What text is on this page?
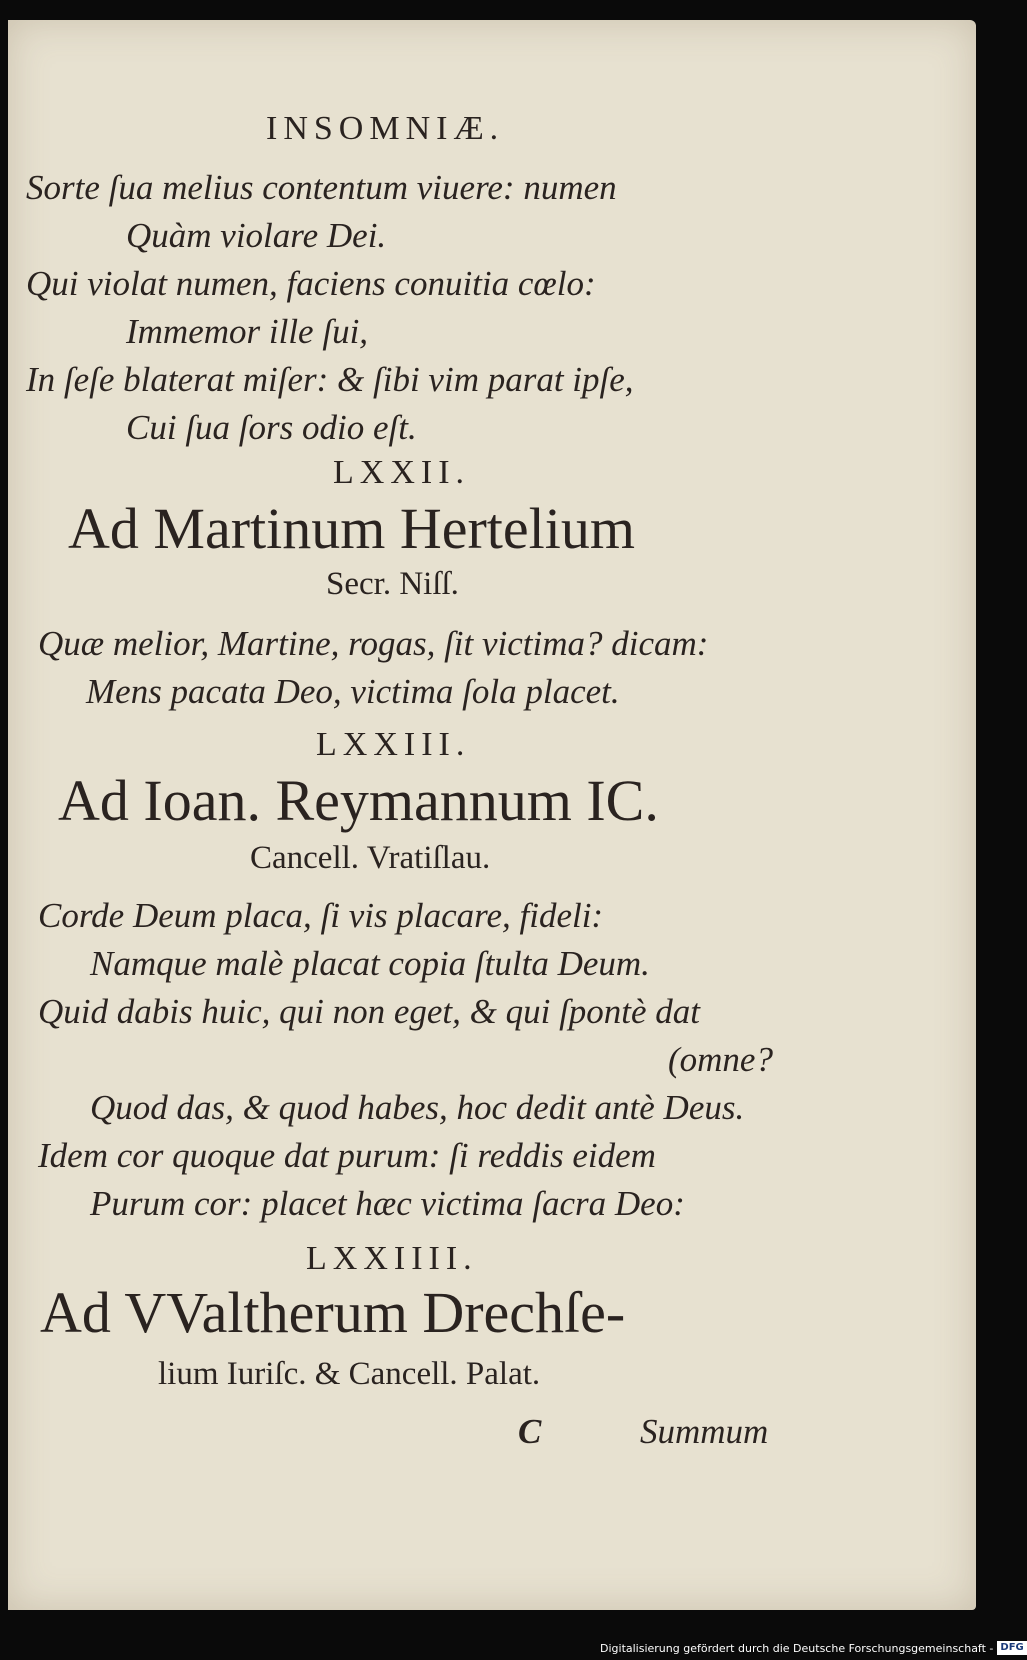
INSOMNIÆ.
Sorte ſua melius contentum viuere: numen
Quàm violare Dei.
Qui violat numen, faciens conuitia cœlo:
Immemor ille ſui,
In ſeſe blaterat miſer: & ſibi vim parat ipſe,
Cui ſua ſors odio eſt.
LXXII.
Ad Martinum Hertelium
Secr. Niſſ.
Quæ melior, Martine, rogas, ſit victima? dicam:
Mens pacata Deo, victima ſola placet.
LXXIII.
Ad Ioan. Reymannum IC.
Cancell. Vratiſlau.
Corde Deum placa, ſi vis placare, fideli:
Namque malè placat copia ſtulta Deum.
Quid dabis huic, qui non eget, & qui ſpontè dat
(omne?
Quod das, & quod habes, hoc dedit antè Deus.
Idem cor quoque dat purum: ſi reddis eidem
Purum cor: placet hæc victima ſacra Deo:
LXXIIII.
Ad VValtherum Drechſe-
lium Iuriſc. & Cancell. Palat.
C	Summum
Digitalisierung gefördert durch die Deutsche Forschungsgemeinschaft - DFG
